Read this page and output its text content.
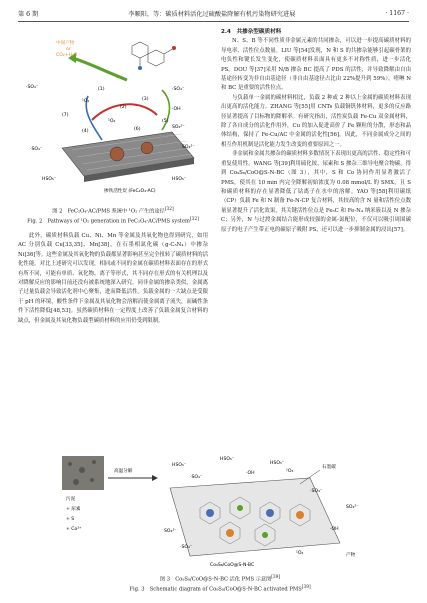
第 6 期	李顺阳，等：碳质材料活化过硫酸盐降解有机污染物研究进展	· 1167 ·
中间产物
or
CO₂+H₂O
掺铁活性炭 (FeC₂O₄-AC)
(1)
(2)
(3)
(4)
(5)
(6)
(7)
·SO₄⁻
·SO₄⁻
·SO₄⁻
HSO₅⁻	HSO₅⁻
SO₄²⁻
SO₄²⁻
¹O₂
¹O₂
·OH
图 2　FeC₂O₄-AC/PMS 系统中 ¹O₂ 产生的途径[32]
Fig. 2　Pathways of ¹O₂ generation in FeC₂O₄-AC/PMS system[32]

此外，碳质材料负载 Cu、Ni、Mn 等金属及其氧化物也得到研究，如用 AC 分别负载 Cu[33,35]、Mn[38]，在石墨相氮化碳（g-C₃N₄）中掺杂 Ni[36]等。这些金属及其氧化物的负载都显著影响甚至完全扭转了碳质材料的活化性能。对比上述研究可以发现，相同或不同的金属在碳质材料表面存在的形式有所不同，可能有单质、氧化物、离子等形式，其不同存在形式的有关机理以及对降解反应的影响目前还没有被系统地深入研究。同非金属的掺杂类似，金属离子过量负载会导致活化剂中心聚集，进而降低活性。负载金属的一大缺点是受限于 pH 的环境，酸性条件下金属及其氧化物会溶解而使金属离子流失，而碱性条件下活性降低[48,53]。虽然碳质材料在一定程度上改善了负载金属复合材料的缺点，但金属及其氧化物负载型碳质材料的应用仍受到限制。

2.4　共掺杂型碳质材料

N、S、B 等不同性质非金属元素的共同掺杂，可以进一步提高碳质材料的导电率、活性位点数量。LIU 等[54]发现，N 和 S 的共掺杂能够引起碳骨架的电负性和键长发生变化，使碳质材料表面具有更多不对称性质，进一步活化 PS。DOU 等[37]采用 N/B 掺杂 BC 提高了 PDS 的活性，并导致降解由自由基途径转变为非自由基途径（非自由基途径占比由 22%提升到 59%），喹啉 N 和 BC 是重要的活性位点。

与负载单一金属的碳材料相比，负载 2 种或 2 种以上金属的碳质材料表现出更高的活化能力。ZHANG 等[55]用 CNTs 负载铜钒体材料，更多的反应路径显著提高了目标物的降解率。有研究指出，活性炭负载 Fe-Cu 双金属材料，除了各自成分的活化作用外，Cu 的加入促进高价了 Fe 颗粒的分散，形态和晶体结构，保持了 Fe-Cu/AC 中金属的活化性[56]。因此，不同金属成分之间的相互作用机制是活化能力发生改变的重要原因之一。

非金属和金属共掺杂的碳质材料多数情况下表现出更高的活性、稳定性和可重复使用性。WANG 等[39]利用硫化铵、尿素和 S 掺杂三维导电聚合物碳，得到 Co₉S₈/CoO@S-N-BC（图 3），其中，S 和 Co 协同作用显著激活了 PMS，使其在 10 min 内完全降解初始浓度为 0.08 mmol/L 的 SMX，且 S 和碳质材料的存在显著降低了钴离子在水中的溶解。YAO 等[58]利用碳纸（CP）负载 Fe 和 N 制备 Fe-N-CP 复合材料，其较高的含 N 量和活性位点数量显著提升了活化效果，其关键活性位点是 Fe₃C 和 Fe-N₄ 纳米簇以及 N 掺杂 C；另外，N 与过渡金属结合能形成较强的金属-氮配位，不仅可以吸引周围碳原子的电子产生带正电的碳原子吸附 PS，还可以进一步抑制金属的浸出[57]。

污泥
+ 尿素
+ S
+ Co²⁺
高温分解
石墨碳
Co₉S₈/CoO@S-N-BC
产物
HSO₅⁻
HSO₅⁻
HSO₅⁻
SO₄²⁻
SO₄²⁻
·SO₄⁻
·SO₄⁻
·SO₄⁻
·OH
·OH
¹O₂
¹O₂
图 3　Co₉S₈/CoO@S-N-BC 活化 PMS 示意图[39]
Fig. 3　Schematic diagram of Co₉S₈/CoO@S-N-BC activated PMS[39]
